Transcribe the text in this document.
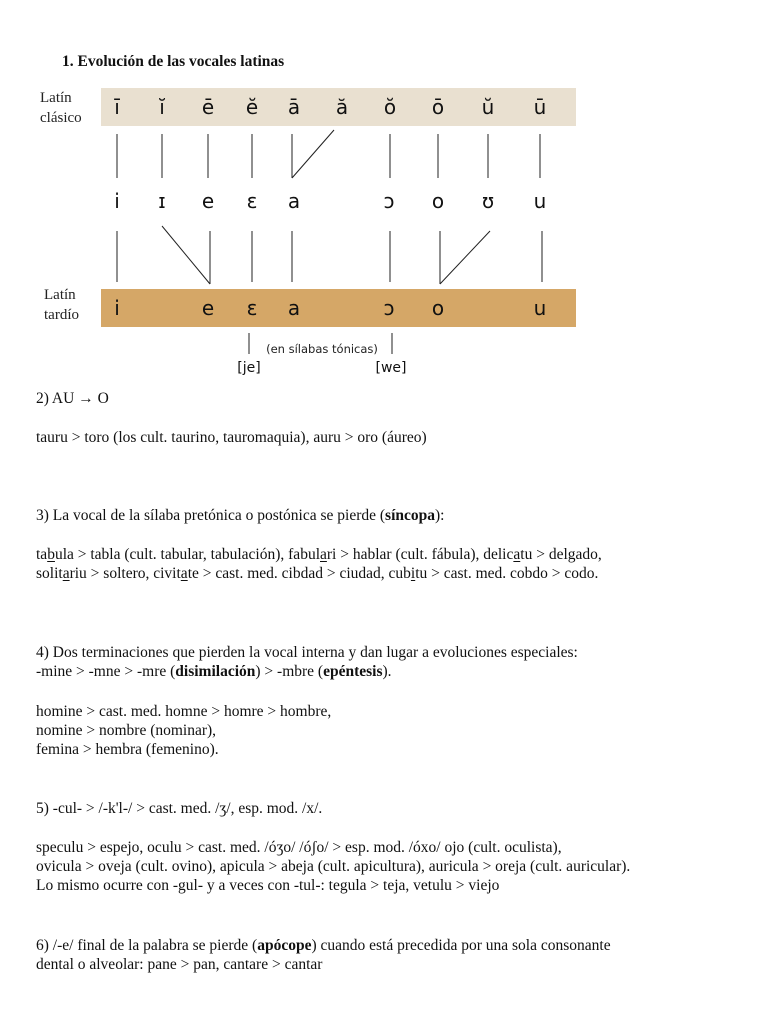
1. Evolución de las vocales latinas
Latín
clásico
Latín
tardío
ī ĭ ē ĕ ā ă ŏ ō ŭ ū
i ɪ e ɛ a	ɔ o ʊ u
i	e ɛ a	ɔ o	u
(en sílabas tónicas)
[je]	[we]

2) AU → O

tauru > toro (los cult. taurino, tauromaquia), auru > oro (áureo)

3) La vocal de la sílaba pretónica o postónica se pierde (síncopa):

tabula > tabla (cult. tabular, tabulación), fabulari > hablar (cult. fábula), delicatu > delgado,

solitariu > soltero, civitate > cast. med. cibdad > ciudad, cubitu > cast. med. cobdo > codo.

4) Dos terminaciones que pierden la vocal interna y dan lugar a evoluciones especiales:

-mine > -mne > -mre (disimilación) > -mbre (epéntesis).

homine > cast. med. homne > homre > hombre,

nomine > nombre (nominar),

femina > hembra (femenino).

5) -cul- > /-k'l-/ > cast. med. /ʒ/, esp. mod. /x/.

speculu > espejo, oculu > cast. med. /óʒo/ /óʃo/ > esp. mod. /óxo/ ojo (cult. oculista),

ovicula > oveja (cult. ovino), apicula > abeja (cult. apicultura), auricula > oreja (cult. auricular).

Lo mismo ocurre con -gul- y a veces con -tul-: tegula > teja, vetulu > viejo

6) /-e/ final de la palabra se pierde (apócope) cuando está precedida por una sola consonante

dental o alveolar: pane > pan, cantare > cantar
